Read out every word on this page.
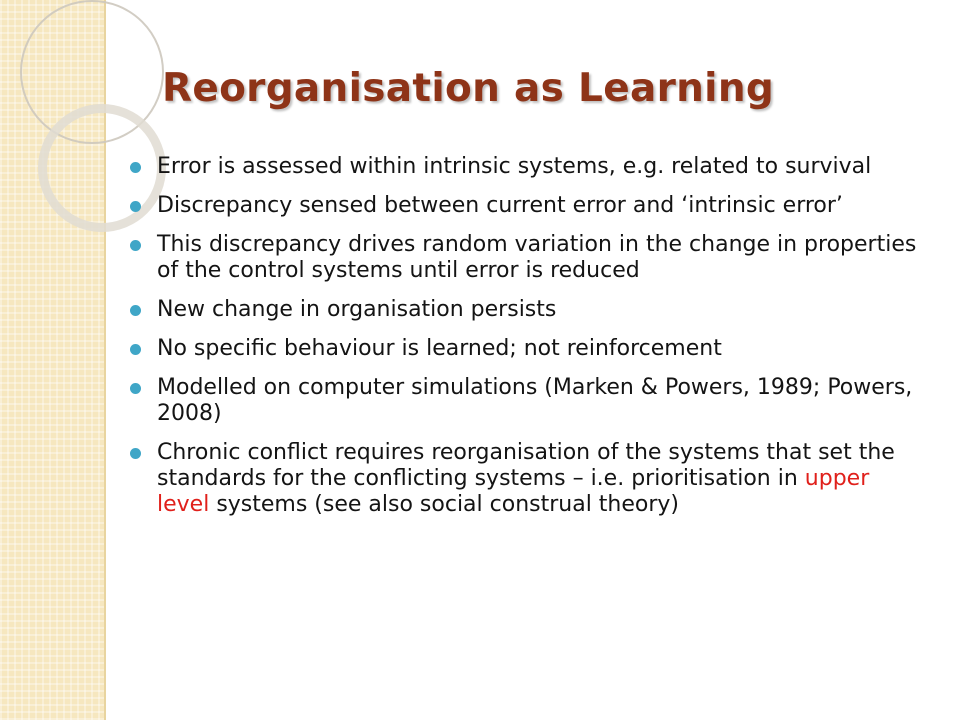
Reorganisation as Learning
Error is assessed within intrinsic systems, e.g. related to survival
Discrepancy sensed between current error and ‘intrinsic error’
This discrepancy drives random variation in the change in properties of the control systems until error is reduced
New change in organisation persists
No specific behaviour is learned; not reinforcement
Modelled on computer simulations (Marken & Powers, 1989; Powers, 2008)
Chronic conflict requires reorganisation of the systems that set the standards for the conflicting systems – i.e. prioritisation in upper level systems (see also social construal theory)
